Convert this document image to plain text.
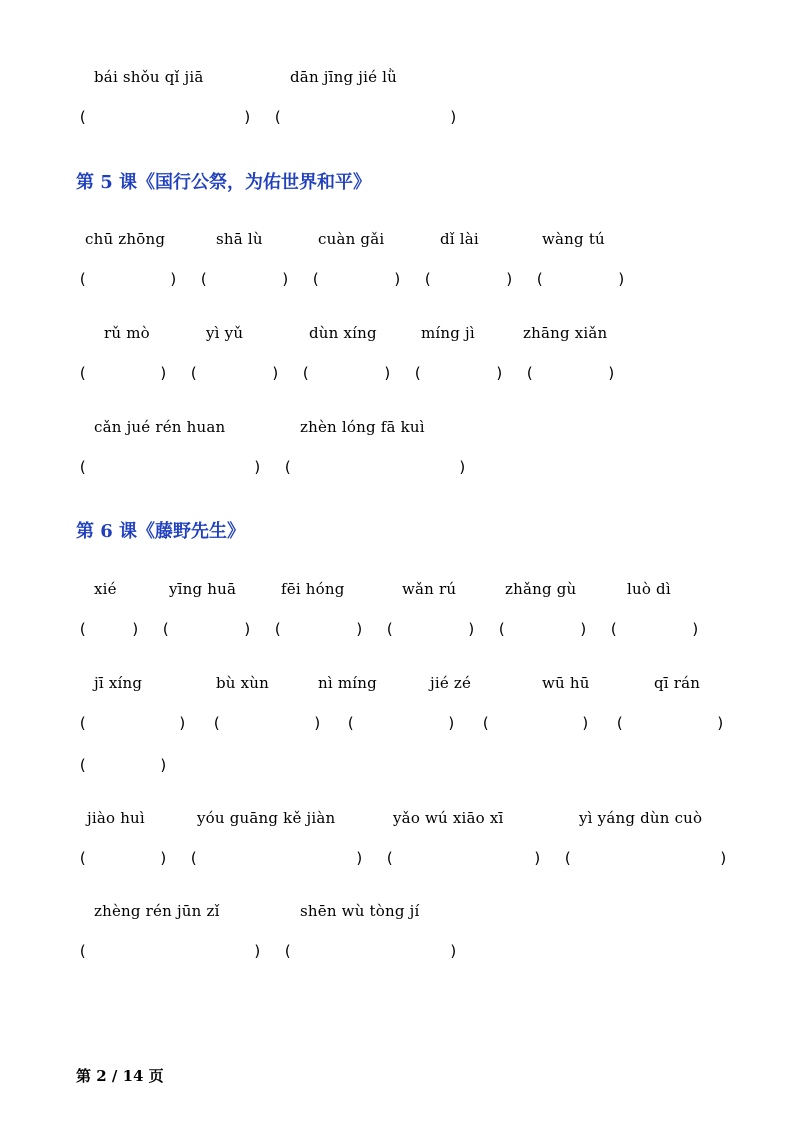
bái shǒu qǐ jiā	dān jīng jié lǜ
(	) (	)
第 5 课《国行公祭，为佑世界和平》
chū zhōng	shā lù	cuàn gǎi	dǐ lài	wàng tú
(	) (	) (	) (	) (	)
rǔ mò	yì yǔ	dùn xíng	míng jì	zhāng xiǎn
(	) (	) (	) (	) (	)
cǎn jué rén huan	zhèn lóng fā kuì
(	) (	)
第 6 课《藤野先生》
xié	yīng huā	fēi hóng	wǎn rú	zhǎng gù	luò dì
(	) (	) (	) (	) (	) (	)
jī xíng	bù xùn	nì míng	jié zé	wū hū	qī rán
(	) (	) (	) (	) (	)
(	)
jiào huì	yóu guāng kě jiàn	yǎo wú xiāo xī	yì yáng dùn cuò
(	) (	) (	) (	)
zhèng rén jūn zǐ	shēn wù tòng jí
(	) (	)
第 2 / 14 页
